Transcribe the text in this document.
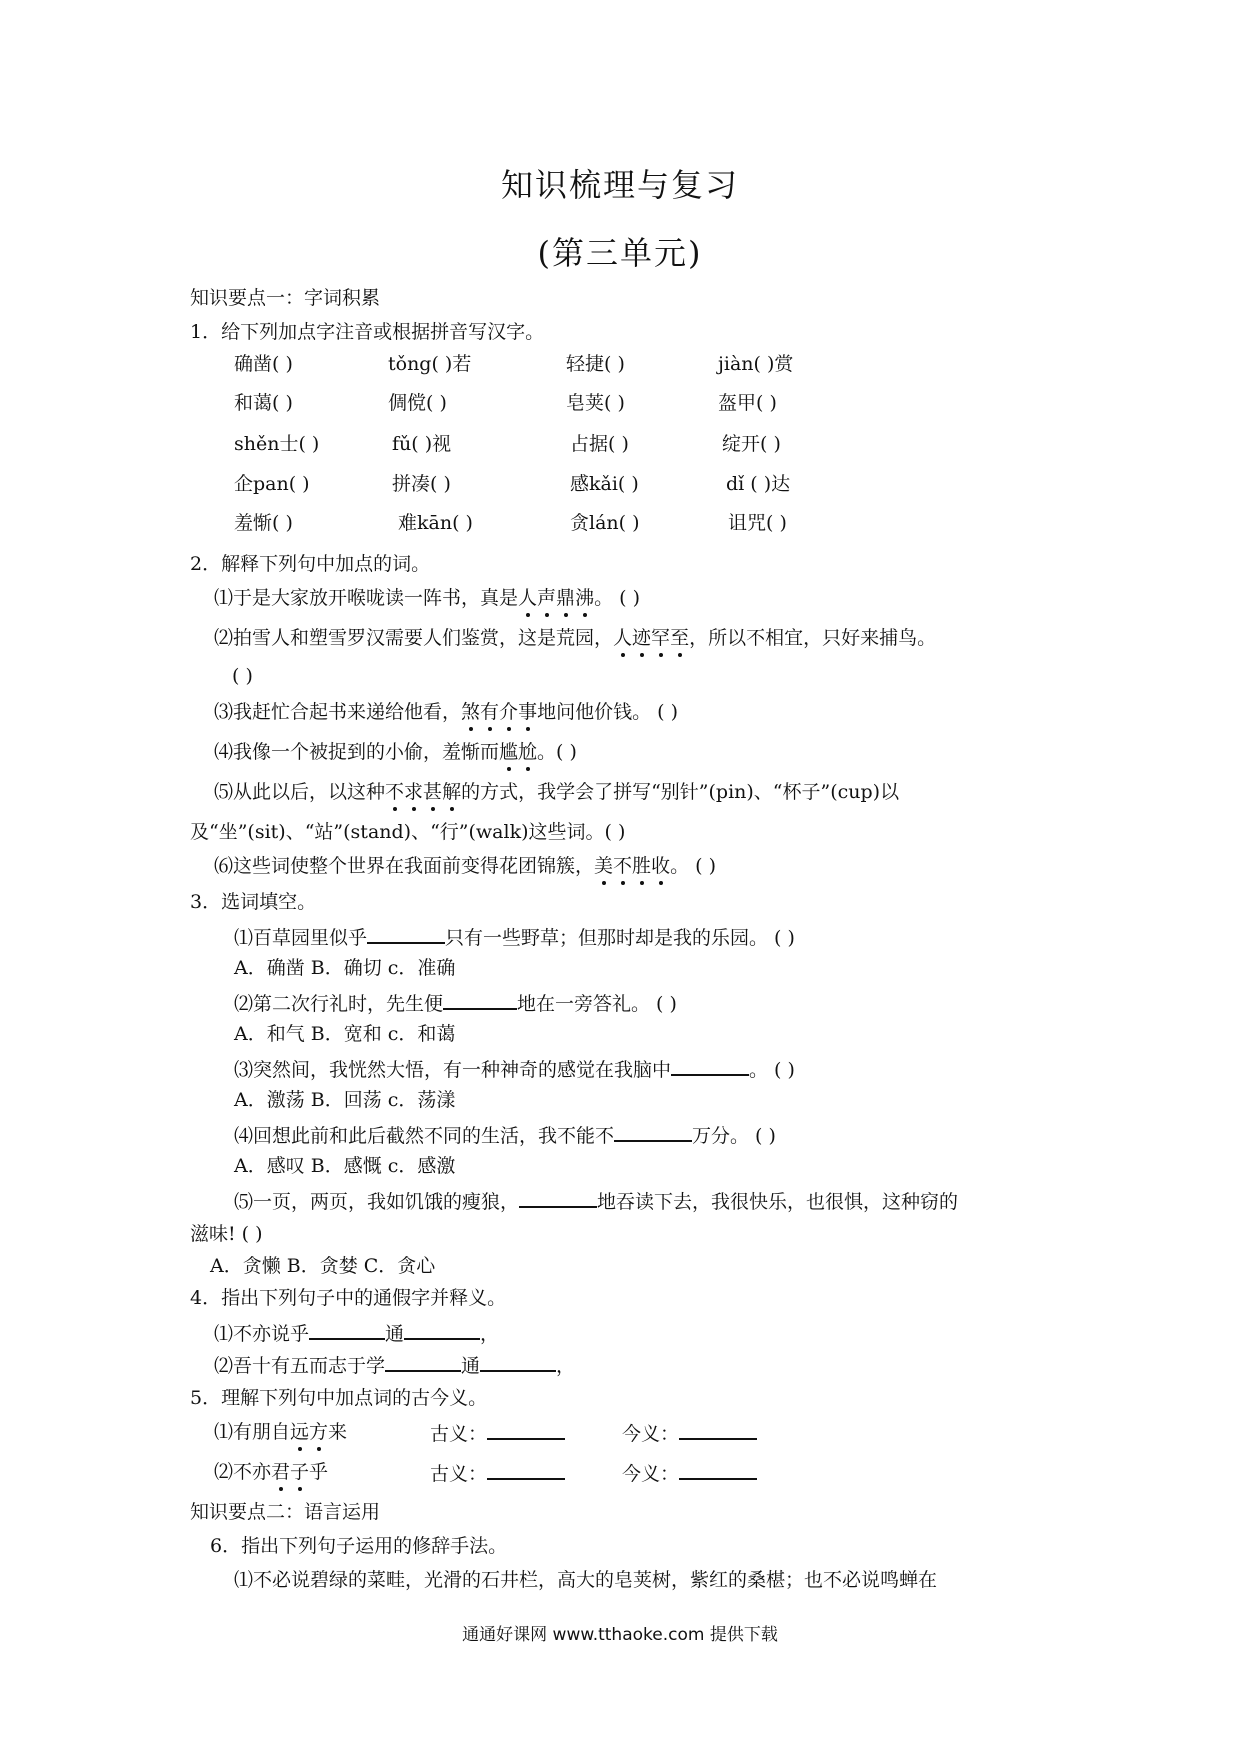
知识梳理与复习
(第三单元)
知识要点一：字词积累
1．给下列加点字注音或根据拼音写汉字。
确凿( )	tǒng( )若	轻捷( )	jiàn( )赏
和蔼( )	倜傥( )	皂荚( )	盔甲( )
shěn士( )	fǔ( )视	占据( )	绽开( )
企pan( )	拼凑( )	感kǎi( )	dǐ ( )达
羞惭( )	难kān( )	贪lán( )	诅咒( )
2．解释下列句中加点的词。
⑴于是大家放开喉咙读一阵书，真是人声鼎沸。 ( )
⑵拍雪人和塑雪罗汉需要人们鉴赏，这是荒园，人迹罕至，所以不相宜，只好来捕鸟。
( )
⑶我赶忙合起书来递给他看，煞有介事地问他价钱。 ( )
⑷我像一个被捉到的小偷，羞惭而尴尬。( )
⑸从此以后，以这种不求甚解的方式，我学会了拼写“别针”(pin)、“杯子”(cup)以
及“坐”(sit)、“站”(stand)、“行”(walk)这些词。( )
⑹这些词使整个世界在我面前变得花团锦簇，美不胜收。 ( )
3．选词填空。
⑴百草园里似乎	只有一些野草；但那时却是我的乐园。 ( )
A．确凿 B．确切 c．准确
⑵第二次行礼时，先生便	地在一旁答礼。 ( )
A．和气 B．宽和 c．和蔼
⑶突然间，我恍然大悟，有一种神奇的感觉在我脑中	。 ( )
A．激荡 B．回荡 c．荡漾
⑷回想此前和此后截然不同的生活，我不能不	万分。 ( )
A．感叹 B．感慨 c．感激
⑸一页，两页，我如饥饿的瘦狼，	地吞读下去，我很快乐，也很惧，这种窃的
滋味! ( )
A．贪懒 B．贪婪 C．贪心
4．指出下列句子中的通假字并释义。
⑴不亦说乎	通	，
⑵吾十有五而志于学	通	，
5．理解下列句中加点词的古今义。
⑴有朋自远方来	古义：	今义：
⑵不亦君子乎	古义：	今义：
知识要点二：语言运用
6．指出下列句子运用的修辞手法。
⑴不必说碧绿的菜畦，光滑的石井栏，高大的皂荚树，紫红的桑椹；也不必说鸣蝉在
通通好课网 www.tthaoke.com 提供下载
